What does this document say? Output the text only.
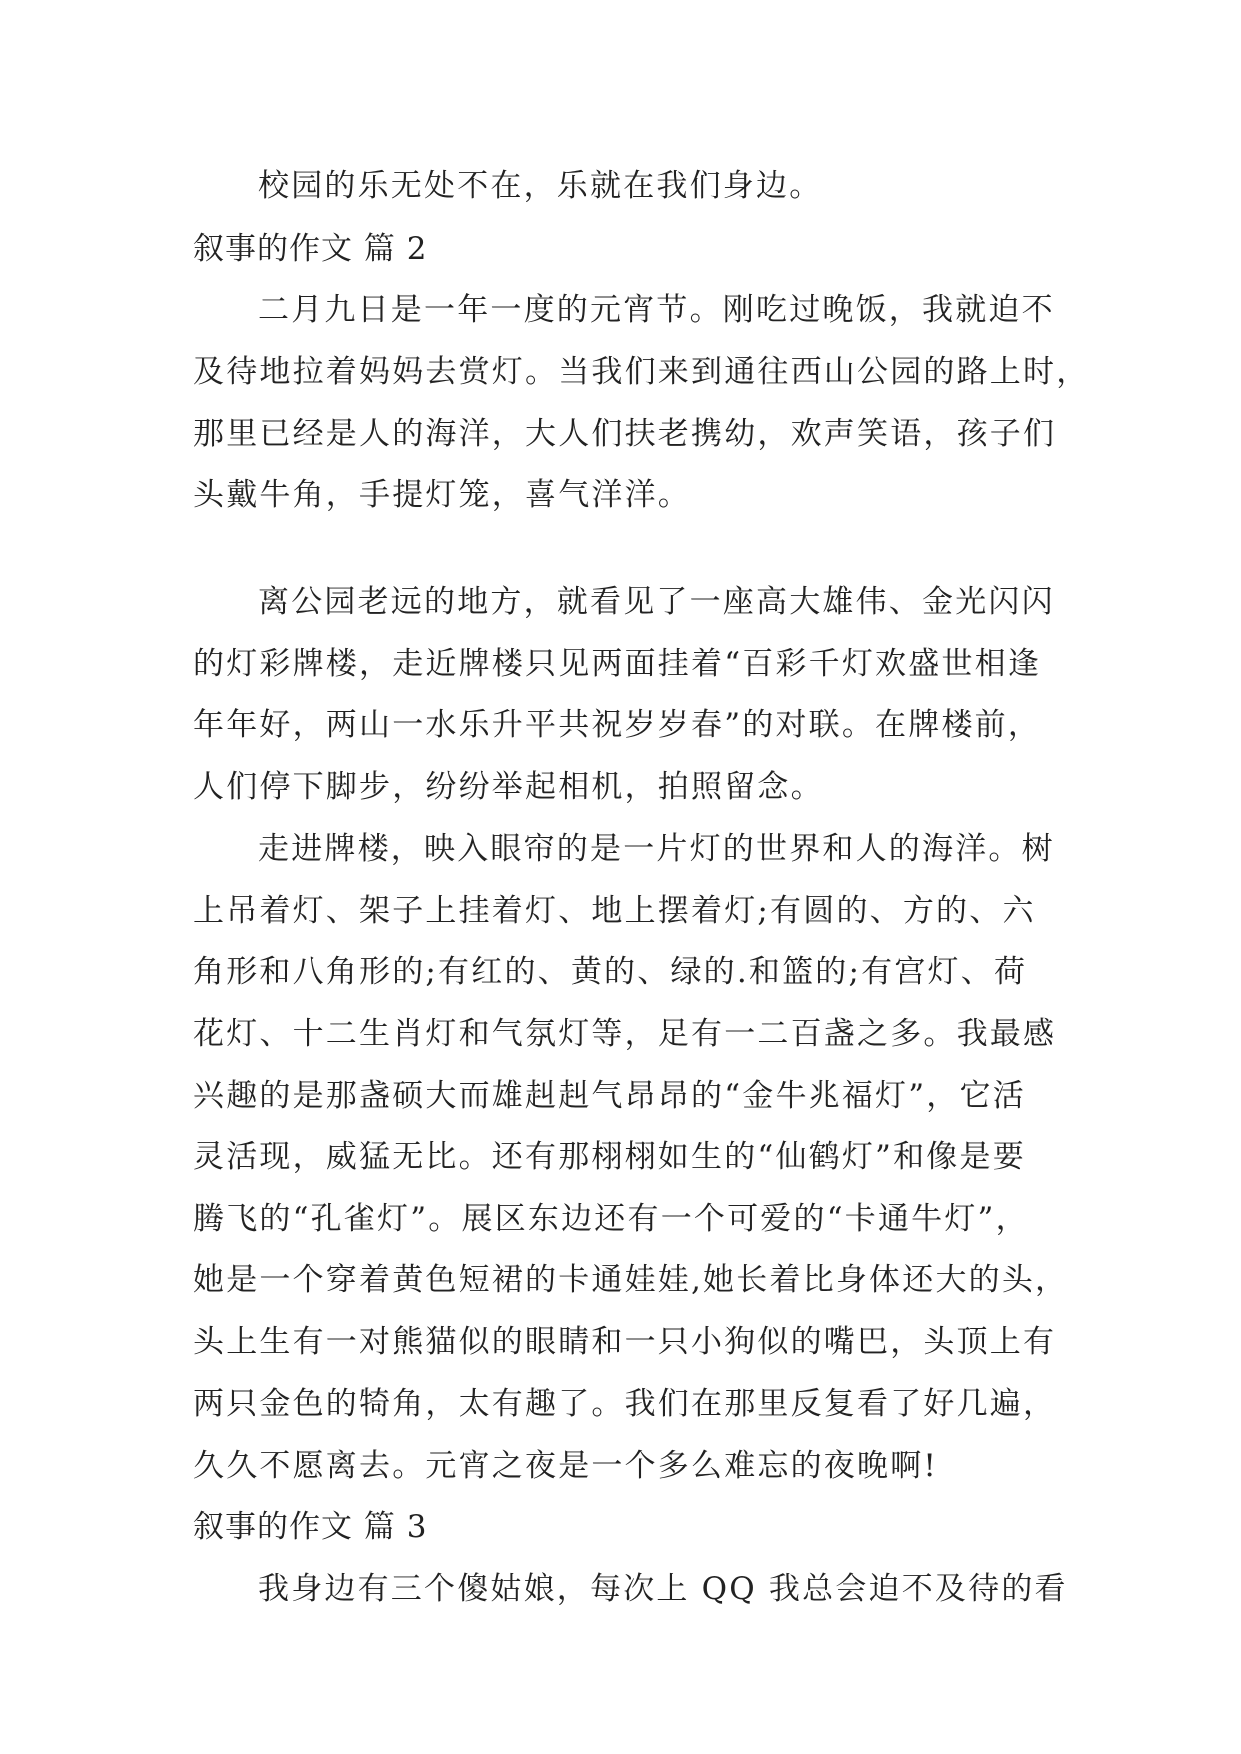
校园的乐无处不在，乐就在我们身边。
叙事的作文 篇 2
二月九日是一年一度的元宵节。刚吃过晚饭，我就迫不
及待地拉着妈妈去赏灯。当我们来到通往西山公园的路上时，
那里已经是人的海洋，大人们扶老携幼，欢声笑语，孩子们
头戴牛角，手提灯笼，喜气洋洋。
离公园老远的地方，就看见了一座高大雄伟、金光闪闪
的灯彩牌楼，走近牌楼只见两面挂着“百彩千灯欢盛世相逢
年年好，两山一水乐升平共祝岁岁春”的对联。在牌楼前，
人们停下脚步，纷纷举起相机，拍照留念。
走进牌楼，映入眼帘的是一片灯的世界和人的海洋。树
上吊着灯、架子上挂着灯、地上摆着灯;有圆的、方的、六
角形和八角形的;有红的、黄的、绿的.和篮的;有宫灯、荷
花灯、十二生肖灯和气氛灯等，足有一二百盏之多。我最感
兴趣的是那盏硕大而雄赳赳气昂昂的“金牛兆福灯”，它活
灵活现，威猛无比。还有那栩栩如生的“仙鹤灯”和像是要
腾飞的“孔雀灯”。展区东边还有一个可爱的“卡通牛灯”，
她是一个穿着黄色短裙的卡通娃娃,她长着比身体还大的头，
头上生有一对熊猫似的眼睛和一只小狗似的嘴巴，头顶上有
两只金色的犄角，太有趣了。我们在那里反复看了好几遍，
久久不愿离去。元宵之夜是一个多么难忘的夜晚啊!
叙事的作文 篇 3
我身边有三个傻姑娘，每次上 QQ 我总会迫不及待的看
